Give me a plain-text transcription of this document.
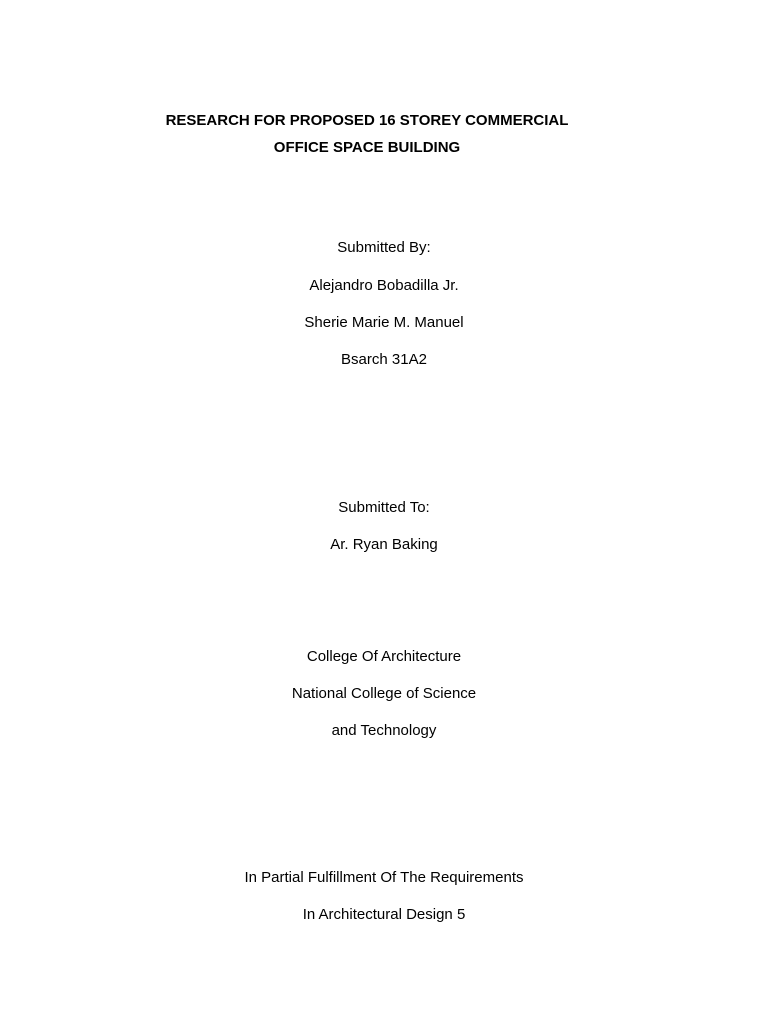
RESEARCH FOR PROPOSED 16 STOREY COMMERCIAL
OFFICE SPACE BUILDING
Submitted By:
Alejandro Bobadilla Jr.
Sherie Marie M. Manuel
Bsarch 31A2
Submitted To:
Ar. Ryan Baking
College Of Architecture
National College of Science
and Technology
In Partial Fulfillment Of The Requirements
In Architectural Design 5
